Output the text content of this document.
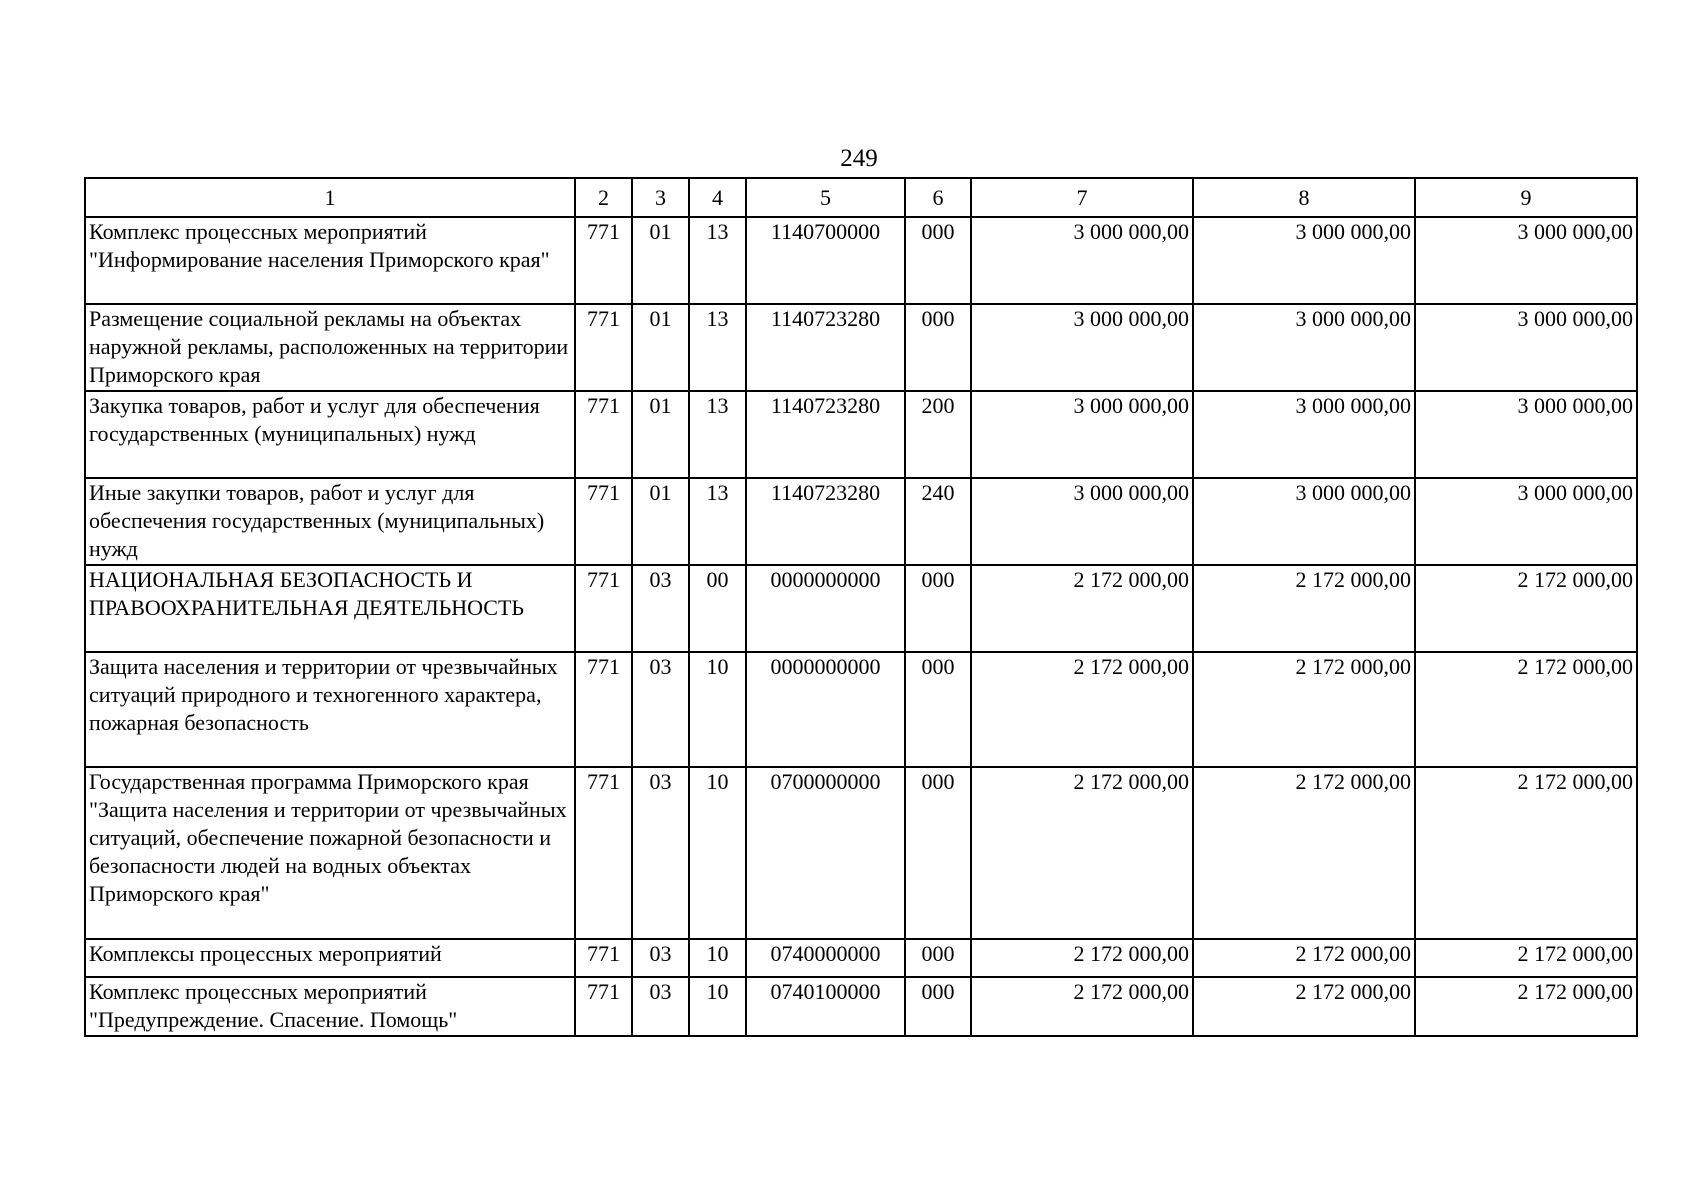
249
1	2	3	4	5	6	7	8	9
Комплекс процессных мероприятий "Информирование населения Приморского края"	771	01	13	1140700000	000	3 000 000,00	3 000 000,00	3 000 000,00
Размещение социальной рекламы на объектах наружной рекламы, расположенных на территории Приморского края	771	01	13	1140723280	000	3 000 000,00	3 000 000,00	3 000 000,00
Закупка товаров, работ и услуг для обеспечения государственных (муниципальных) нужд	771	01	13	1140723280	200	3 000 000,00	3 000 000,00	3 000 000,00
Иные закупки товаров, работ и услуг для обеспечения государственных (муниципальных) нужд	771	01	13	1140723280	240	3 000 000,00	3 000 000,00	3 000 000,00
НАЦИОНАЛЬНАЯ БЕЗОПАСНОСТЬ И ПРАВООХРАНИТЕЛЬНАЯ ДЕЯТЕЛЬНОСТЬ	771	03	00	0000000000	000	2 172 000,00	2 172 000,00	2 172 000,00
Защита населения и территории от чрезвычайных ситуаций природного и техногенного характера, пожарная безопасность	771	03	10	0000000000	000	2 172 000,00	2 172 000,00	2 172 000,00
Государственная программа Приморского края "Защита населения и территории от чрезвычайных ситуаций, обеспечение пожарной безопасности и безопасности людей на водных объектах Приморского края"	771	03	10	0700000000	000	2 172 000,00	2 172 000,00	2 172 000,00
Комплексы процессных мероприятий	771	03	10	0740000000	000	2 172 000,00	2 172 000,00	2 172 000,00
Комплекс процессных мероприятий "Предупреждение. Спасение. Помощь"	771	03	10	0740100000	000	2 172 000,00	2 172 000,00	2 172 000,00
